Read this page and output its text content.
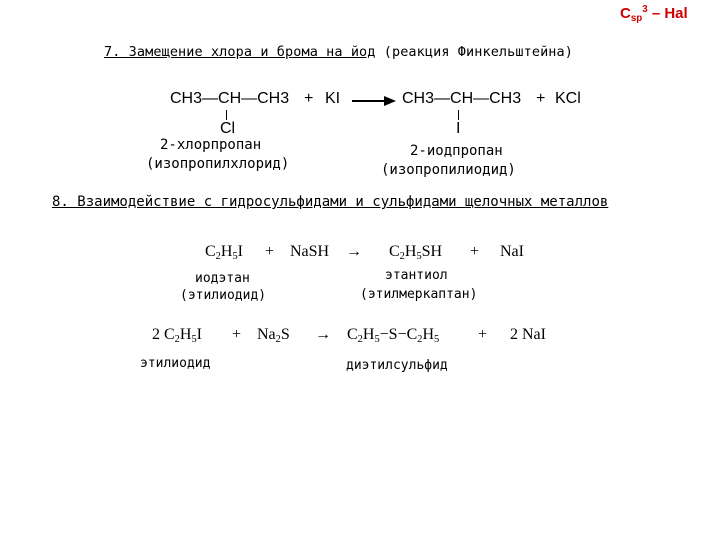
$C_{sp}^3$ – Hal
7. Замещение хлора и брома на йод (реакция Финкельштейна)
CH3—CH—CH3 + KI → CH3—CH—CH3 + KCl
Cl	I
2-хлорпропан
(изопропилхлорид)
2-иодпропан
(изопропилиодид)
8. Взаимодействие с гидросульфидами и сульфидами щелочных металлов
$C_2H_5I$ + NaSH → $C_2H_5SH$ + NaI
иодэтан
(этилиодид)
этантиол
(этилмеркаптан)
2 $C_2H_5I + Na_2S \to C_2H_5-S-C_2H_5 + 2$ NaI
этилиодид	диэтилсульфид
